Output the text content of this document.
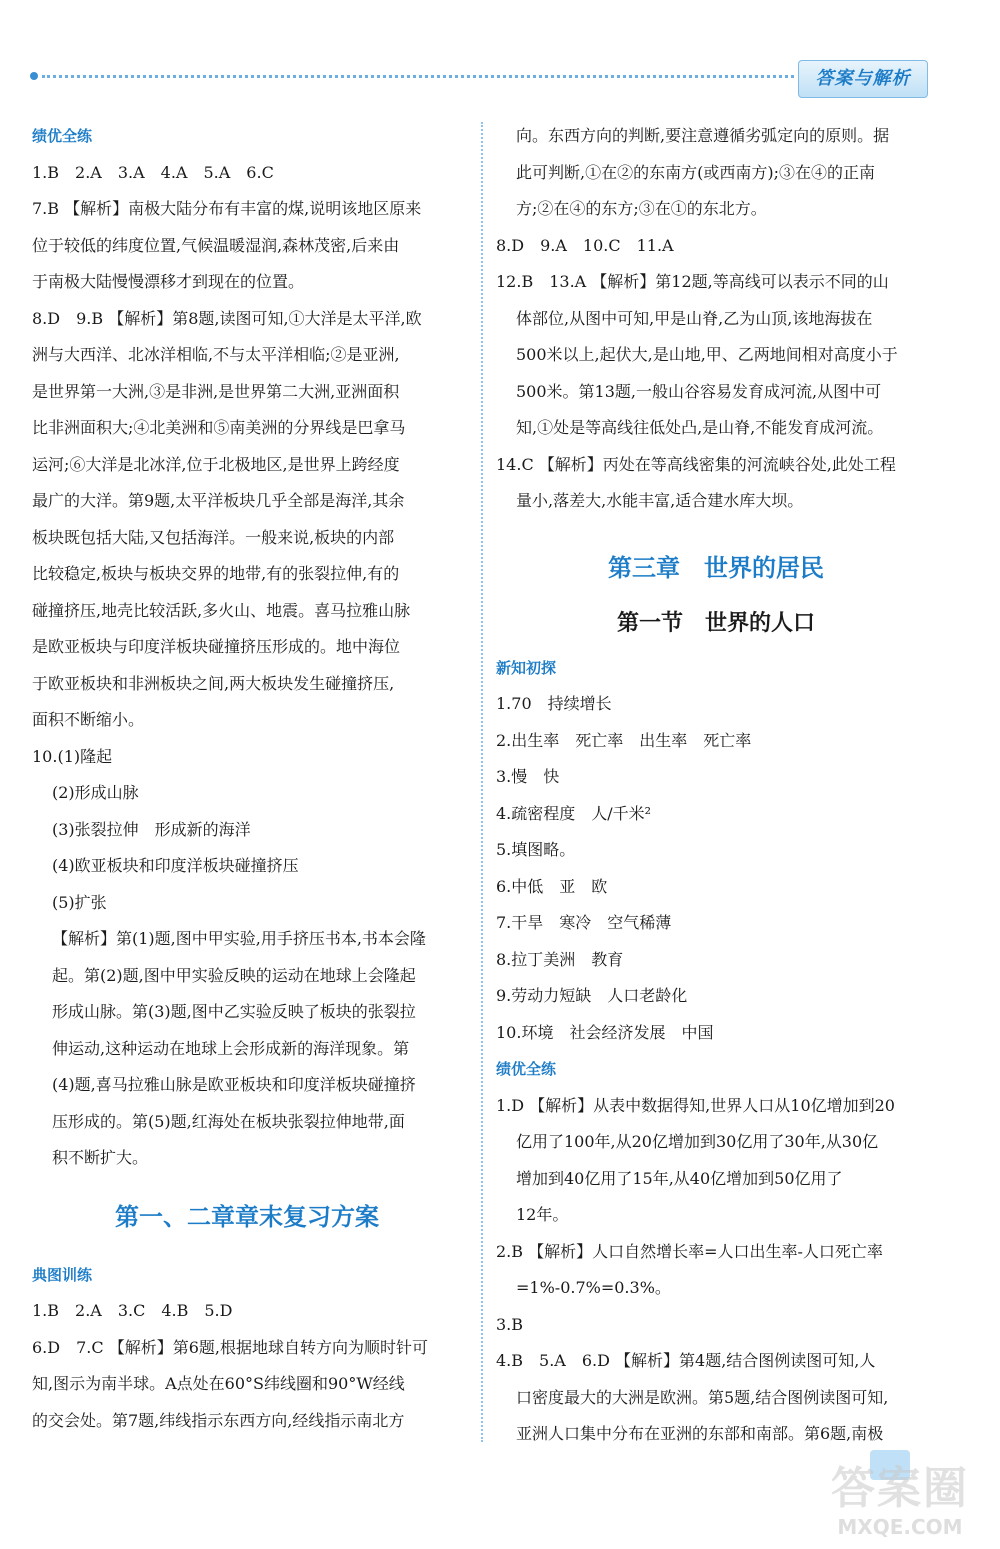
答案与解析
绩优全练
1.B　2.A　3.A　4.A　5.A　6.C
7.B 【解析】南极大陆分布有丰富的煤,说明该地区原来
位于较低的纬度位置,气候温暖湿润,森林茂密,后来由
于南极大陆慢慢漂移才到现在的位置。
8.D　9.B 【解析】第8题,读图可知,①大洋是太平洋,欧
洲与大西洋、北冰洋相临,不与太平洋相临;②是亚洲,
是世界第一大洲,③是非洲,是世界第二大洲,亚洲面积
比非洲面积大;④北美洲和⑤南美洲的分界线是巴拿马
运河;⑥大洋是北冰洋,位于北极地区,是世界上跨经度
最广的大洋。第9题,太平洋板块几乎全部是海洋,其余
板块既包括大陆,又包括海洋。一般来说,板块的内部
比较稳定,板块与板块交界的地带,有的张裂拉伸,有的
碰撞挤压,地壳比较活跃,多火山、地震。喜马拉雅山脉
是欧亚板块与印度洋板块碰撞挤压形成的。地中海位
于欧亚板块和非洲板块之间,两大板块发生碰撞挤压,
面积不断缩小。
10.(1)隆起
(2)形成山脉
(3)张裂拉伸　形成新的海洋
(4)欧亚板块和印度洋板块碰撞挤压
(5)扩张
【解析】第(1)题,图中甲实验,用手挤压书本,书本会隆
起。第(2)题,图中甲实验反映的运动在地球上会隆起
形成山脉。第(3)题,图中乙实验反映了板块的张裂拉
伸运动,这种运动在地球上会形成新的海洋现象。第
(4)题,喜马拉雅山脉是欧亚板块和印度洋板块碰撞挤
压形成的。第(5)题,红海处在板块张裂拉伸地带,面
积不断扩大。
第一、二章章末复习方案
典图训练
1.B　2.A　3.C　4.B　5.D
6.D　7.C 【解析】第6题,根据地球自转方向为顺时针可
知,图示为南半球。A点处在60°S纬线圈和90°W经线
的交会处。第7题,纬线指示东西方向,经线指示南北方
向。东西方向的判断,要注意遵循劣弧定向的原则。据
此可判断,①在②的东南方(或西南方);③在④的正南
方;②在④的东方;③在①的东北方。
8.D　9.A　10.C　11.A
12.B　13.A 【解析】第12题,等高线可以表示不同的山
体部位,从图中可知,甲是山脊,乙为山顶,该地海拔在
500米以上,起伏大,是山地,甲、乙两地间相对高度小于
500米。第13题,一般山谷容易发育成河流,从图中可
知,①处是等高线往低处凸,是山脊,不能发育成河流。
14.C 【解析】丙处在等高线密集的河流峡谷处,此处工程
量小,落差大,水能丰富,适合建水库大坝。
第三章　世界的居民
第一节　世界的人口
新知初探
1.70　持续增长
2.出生率　死亡率　出生率　死亡率
3.慢　快
4.疏密程度　人/千米²
5.填图略。
6.中低　亚　欧
7.干旱　寒冷　空气稀薄
8.拉丁美洲　教育
9.劳动力短缺　人口老龄化
10.环境　社会经济发展　中国
绩优全练
1.D 【解析】从表中数据得知,世界人口从10亿增加到20
亿用了100年,从20亿增加到30亿用了30年,从30亿
增加到40亿用了15年,从40亿增加到50亿用了
12年。
2.B 【解析】人口自然增长率=人口出生率-人口死亡率
=1%-0.7%=0.3%。
3.B
4.B　5.A　6.D 【解析】第4题,结合图例读图可知,人
口密度最大的大洲是欧洲。第5题,结合图例读图可知,
亚洲人口集中分布在亚洲的东部和南部。第6题,南极
答案圈
MXQE.COM
